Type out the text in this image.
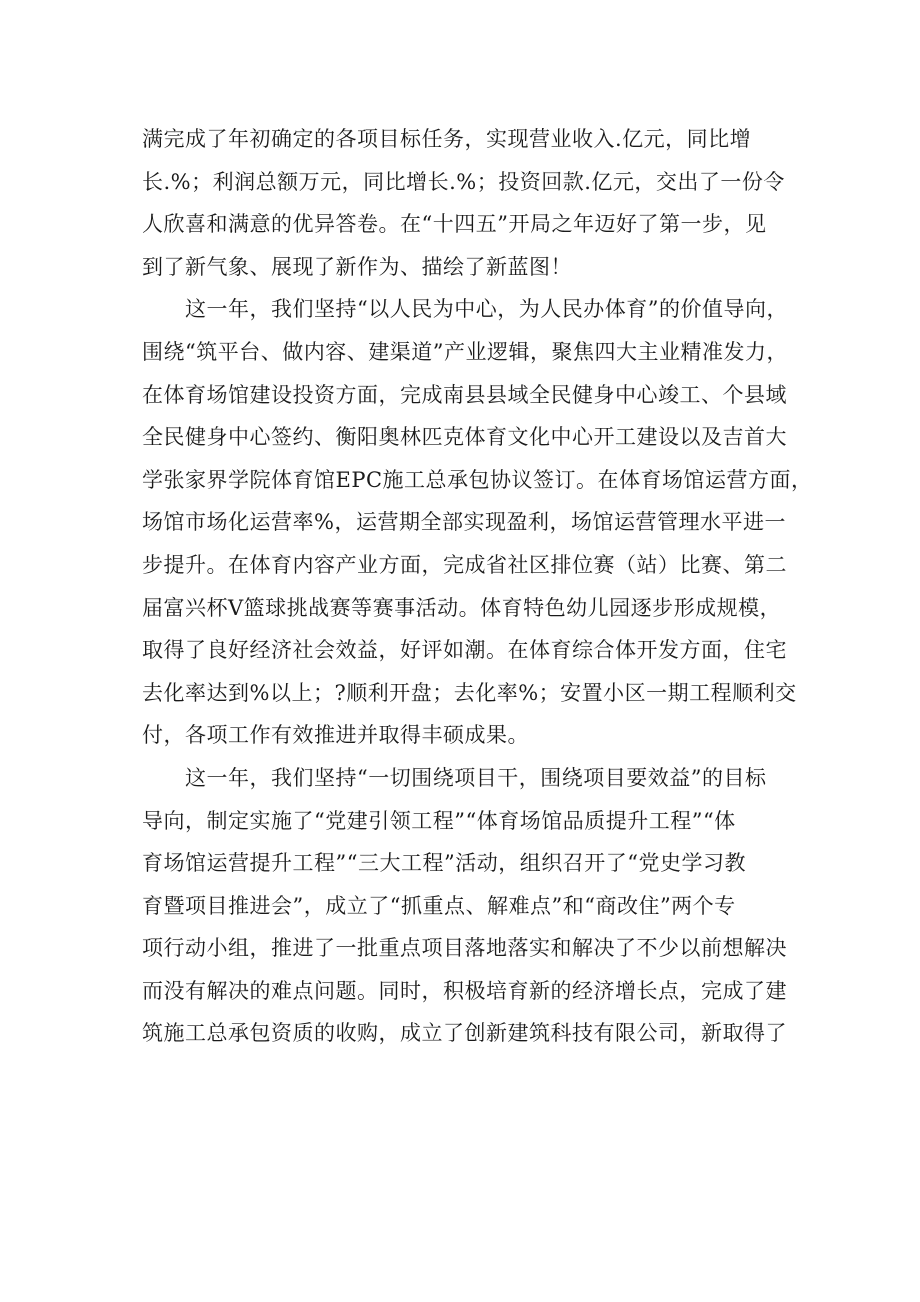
满完成了年初确定的各项目标任务，实现营业收入.亿元，同比增
长.%；利润总额万元，同比增长.%；投资回款.亿元，交出了一份令
人欣喜和满意的优异答卷。在“十四五”开局之年迈好了第一步，见
到了新气象、展现了新作为、描绘了新蓝图！
　　这一年，我们坚持“以人民为中心，为人民办体育”的价值导向，
围绕“筑平台、做内容、建渠道”产业逻辑，聚焦四大主业精准发力，
在体育场馆建设投资方面，完成南县县域全民健身中心竣工、个县域
全民健身中心签约、衡阳奥林匹克体育文化中心开工建设以及吉首大
学张家界学院体育馆EPC施工总承包协议签订。在体育场馆运营方面，
场馆市场化运营率%，运营期全部实现盈利，场馆运营管理水平进一
步提升。在体育内容产业方面，完成省社区排位赛（站）比赛、第二
届富兴杯Ⅴ篮球挑战赛等赛事活动。体育特色幼儿园逐步形成规模，
取得了良好经济社会效益，好评如潮。在体育综合体开发方面，住宅
去化率达到%以上；?顺利开盘；去化率%；安置小区一期工程顺利交
付，各项工作有效推进并取得丰硕成果。
　　这一年，我们坚持“一切围绕项目干，围绕项目要效益”的目标
导向，制定实施了“党建引领工程”“体育场馆品质提升工程”“体
育场馆运营提升工程”“三大工程”活动，组织召开了“党史学习教
育暨项目推进会”，成立了“抓重点、解难点”和“商改住”两个专
项行动小组，推进了一批重点项目落地落实和解决了不少以前想解决
而没有解决的难点问题。同时，积极培育新的经济增长点，完成了建
筑施工总承包资质的收购，成立了创新建筑科技有限公司，新取得了
